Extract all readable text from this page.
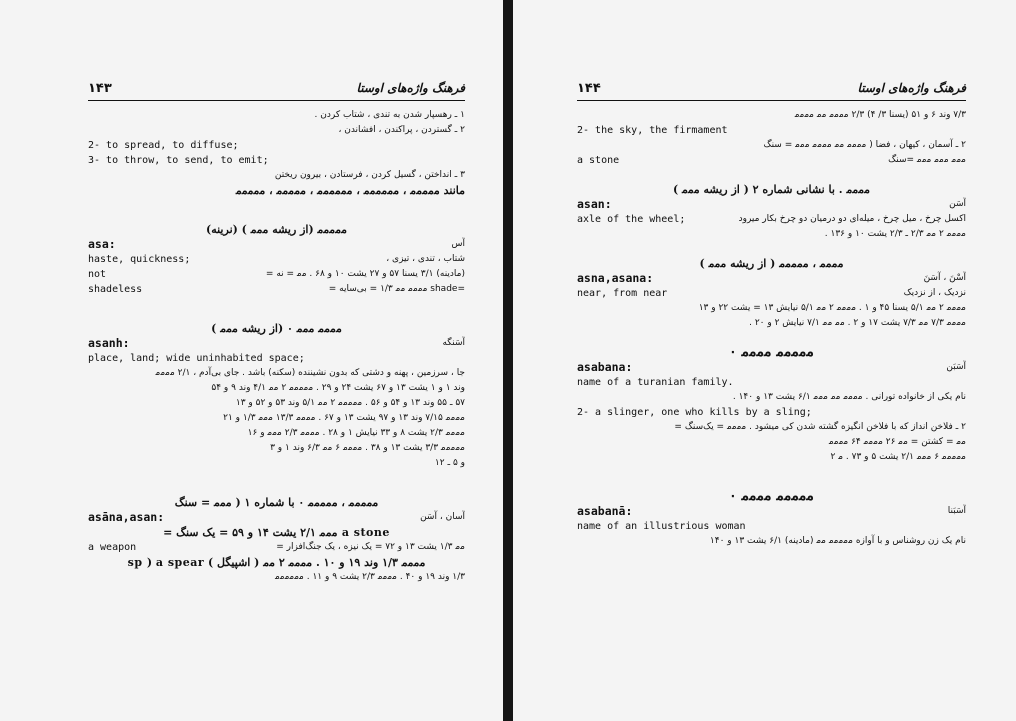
۱۴۳	فرهنگ واژه‌های اوستا
۱ ـ رهسپار شدن به تندی ، شتاب کردن .
۲ ـ گستردن ، پراکندن ، افشاندن ،
2- to spread, to diffuse;
3- to throw, to send, to emit;
۳ ـ انداختن ، گسیل کردن ، فرستادن ، بیرون ریختن
مانند ﻣﻣﻣﻣﻣ ، ﻣﻣﻣﻣﻣﻣ ، ﻣﻣﻣﻣﻣﻣ ، ﻣﻣﻣﻣﻣ ، ﻣﻣﻣﻣﻣ
ﻣﻣﻣﻣﻣ (از ریشه ﻣﻣﻣ ) (نرینه)
asa:	آس
haste, quickness;	شتاب ، تندی ، تیزی ،
not	(مادینه) ۳/۱ یسنا ۵۷ و ۲۷ یشت ۱۰ و ۶۸ . ﻣﻣ = نه =
shadeless	=shade ﻣﻣﻣﻣ ﻣﻣ ۱/۳ = بی‌سایه =
ﻣﻣﻣﻣ ﻣﻣﻣ ۰ (از ریشه ﻣﻣﻣ )
asanh:	آسَنگه
place, land; wide uninhabited space;
جا ، سرزمین ، پهنه و دشتی که بدون نشیننده (سکنه) باشد . جای بی‌آدم ، ۲/۱ ﻣﻣﻣﻣ
وند ۱ و ۱ یشت ۱۳ و ۶۷ یشت ۲۴ و ۲۹ . ﻣﻣﻣﻣﻣ ۲ ﻣﻣ ۴/۱ وند ۹ و ۵۴
۵۷ ـ ۵۵ وند ۱۳ و ۵۴ و ۵۶ . ﻣﻣﻣﻣﻣ ۲ ﻣﻣ ۵/۱ وند ۵۳ و ۵۲ و ۱۳
ﻣﻣﻣﻣ ۷/۱۵ وند ۱۳ و ۹۷ یشت ۱۳ و ۶۷ . ﻣﻣﻣﻣ ۱۳/۳ ﻣﻣﻣ ۱/۳ و ۲۱
ﻣﻣﻣﻣ ۲/۳ یشت ۸ و ۳۳ نیایش ۱ و ۲۸ . ﻣﻣﻣﻣ ۲/۳ ﻣﻣﻣ و ۱۶
ﻣﻣﻣﻣﻣ ۳/۳ یشت ۱۳ و ۳۸ . ﻣﻣﻣﻣ ۶ ﻣﻣ ۶/۳ وند ۱ و ۳
و ۵ ـ ۱۲
ﻣﻣﻣﻣﻣ ، ﻣﻣﻣﻣﻣ ۰ با شماره ۱ ( ﻣﻣﻣ = سنگ
asāna,asan:	آسان ، آسَن
a stone ﻣﻣﻣ ۲/۱ یشت ۱۴ و ۵۹ = یک سنگ =
a weapon	ﻣﻣ ۱/۳ یشت ۱۳ و ۷۲ = یک نیزه ، یک جنگ‌افزار =
ﻣﻣﻣﻣ ۱/۳ وند ۱۹ و ۱۰ . ﻣﻣﻣﻣ ۲ ﻣﻣ ( اشپیگل ) sp ) a spear
۱/۳ وند ۱۹ و ۴۰ . ﻣﻣﻣﻣ ۲/۳ یشت ۹ و ۱۱ . ﻣﻣﻣﻣﻣﻣ
۱۴۴	فرهنگ واژه‌های اوستا
۷/۳ وند ۶ و ۵۱ (یسنا ۳/ ۴) ۲/۳ ﻣﻣﻣﻣ ﻣﻣ ﻣﻣﻣﻣ
2- the sky, the firmament
۲ ـ آسمان ، کیهان ، فضا ( ﻣﻣﻣﻣ ﻣﻣ ﻣﻣﻣﻣ ﻣﻣﻣ = سنگ
a stone	ﻣﻣﻣ ﻣﻣﻣ ﻣﻣﻣ =سنگ
ﻣﻣﻣﻣ . با نشانی شماره ۲ ( از ریشه ﻣﻣﻣ )
asan:	آسَن
axle of the wheel;	اکسل چرخ ، میل چرخ ، میله‌ای دو درمیان دو چرخ بکار میرود
ﻣﻣﻣﻣ ۲ ﻣﻣ ۲/۳ ـ ۲/۳ یشت ۱۰ و ۱۳۶ .
ﻣﻣﻣﻣ ، ﻣﻣﻣﻣﻣ ( از ریشه ﻣﻣﻣ )
asna,asana:	آسْنَ ، آسَنَ
near, from near	نزدیک ، از نزدیک
ﻣﻣﻣﻣ ۲ ﻣﻣ ۵/۱ یسنا ۴۵ و ۱ . ﻣﻣﻣﻣ ۲ ﻣﻣ ۵/۱ نیایش ۱۳ = یشت ۲۲ و ۱۳
ﻣﻣﻣﻣ ۷/۳ ﻣﻣ ۷/۳ یشت ۱۷ و ۲ . ﻣﻣ ﻣﻣ ۷/۱ نیایش ۲ و ۲۰ .
ﻣﻣﻣﻣﻣ ﻣﻣﻣﻣ ۰
asabana:	آسَبَن
name of a turanian family.
نام یکی از خانواده تورانی . ﻣﻣﻣﻣ ﻣﻣ ﻣﻣﻣ ۶/۱ یشت ۱۳ و ۱۴۰ .
2- a slinger, one who kills by a sling;
۲ ـ فلاخن انداز که با فلاخن انگیزه گشته شدن کی میشود . ﻣﻣﻣﻣ = یک‌سنگ =
ﻣﻣ = کشتن = ﻣﻣ ۲۶ ﻣﻣﻣﻣ ۶۴ ﻣﻣﻣﻣ
ﻣﻣﻣﻣﻣ ۶ ﻣﻣﻣ ۲/۱ یشت ۵ و ۷۳ . ﻣ ۲
ﻣﻣﻣﻣﻣ ﻣﻣﻣﻣ ۰
asabanā:	آسَبَنا
name of an illustrious woman
نام یک زن روشناس و با آوازه ﻣﻣﻣﻣﻣ ﻣﻣ (مادینه) ۶/۱ یشت ۱۳ و ۱۴۰
